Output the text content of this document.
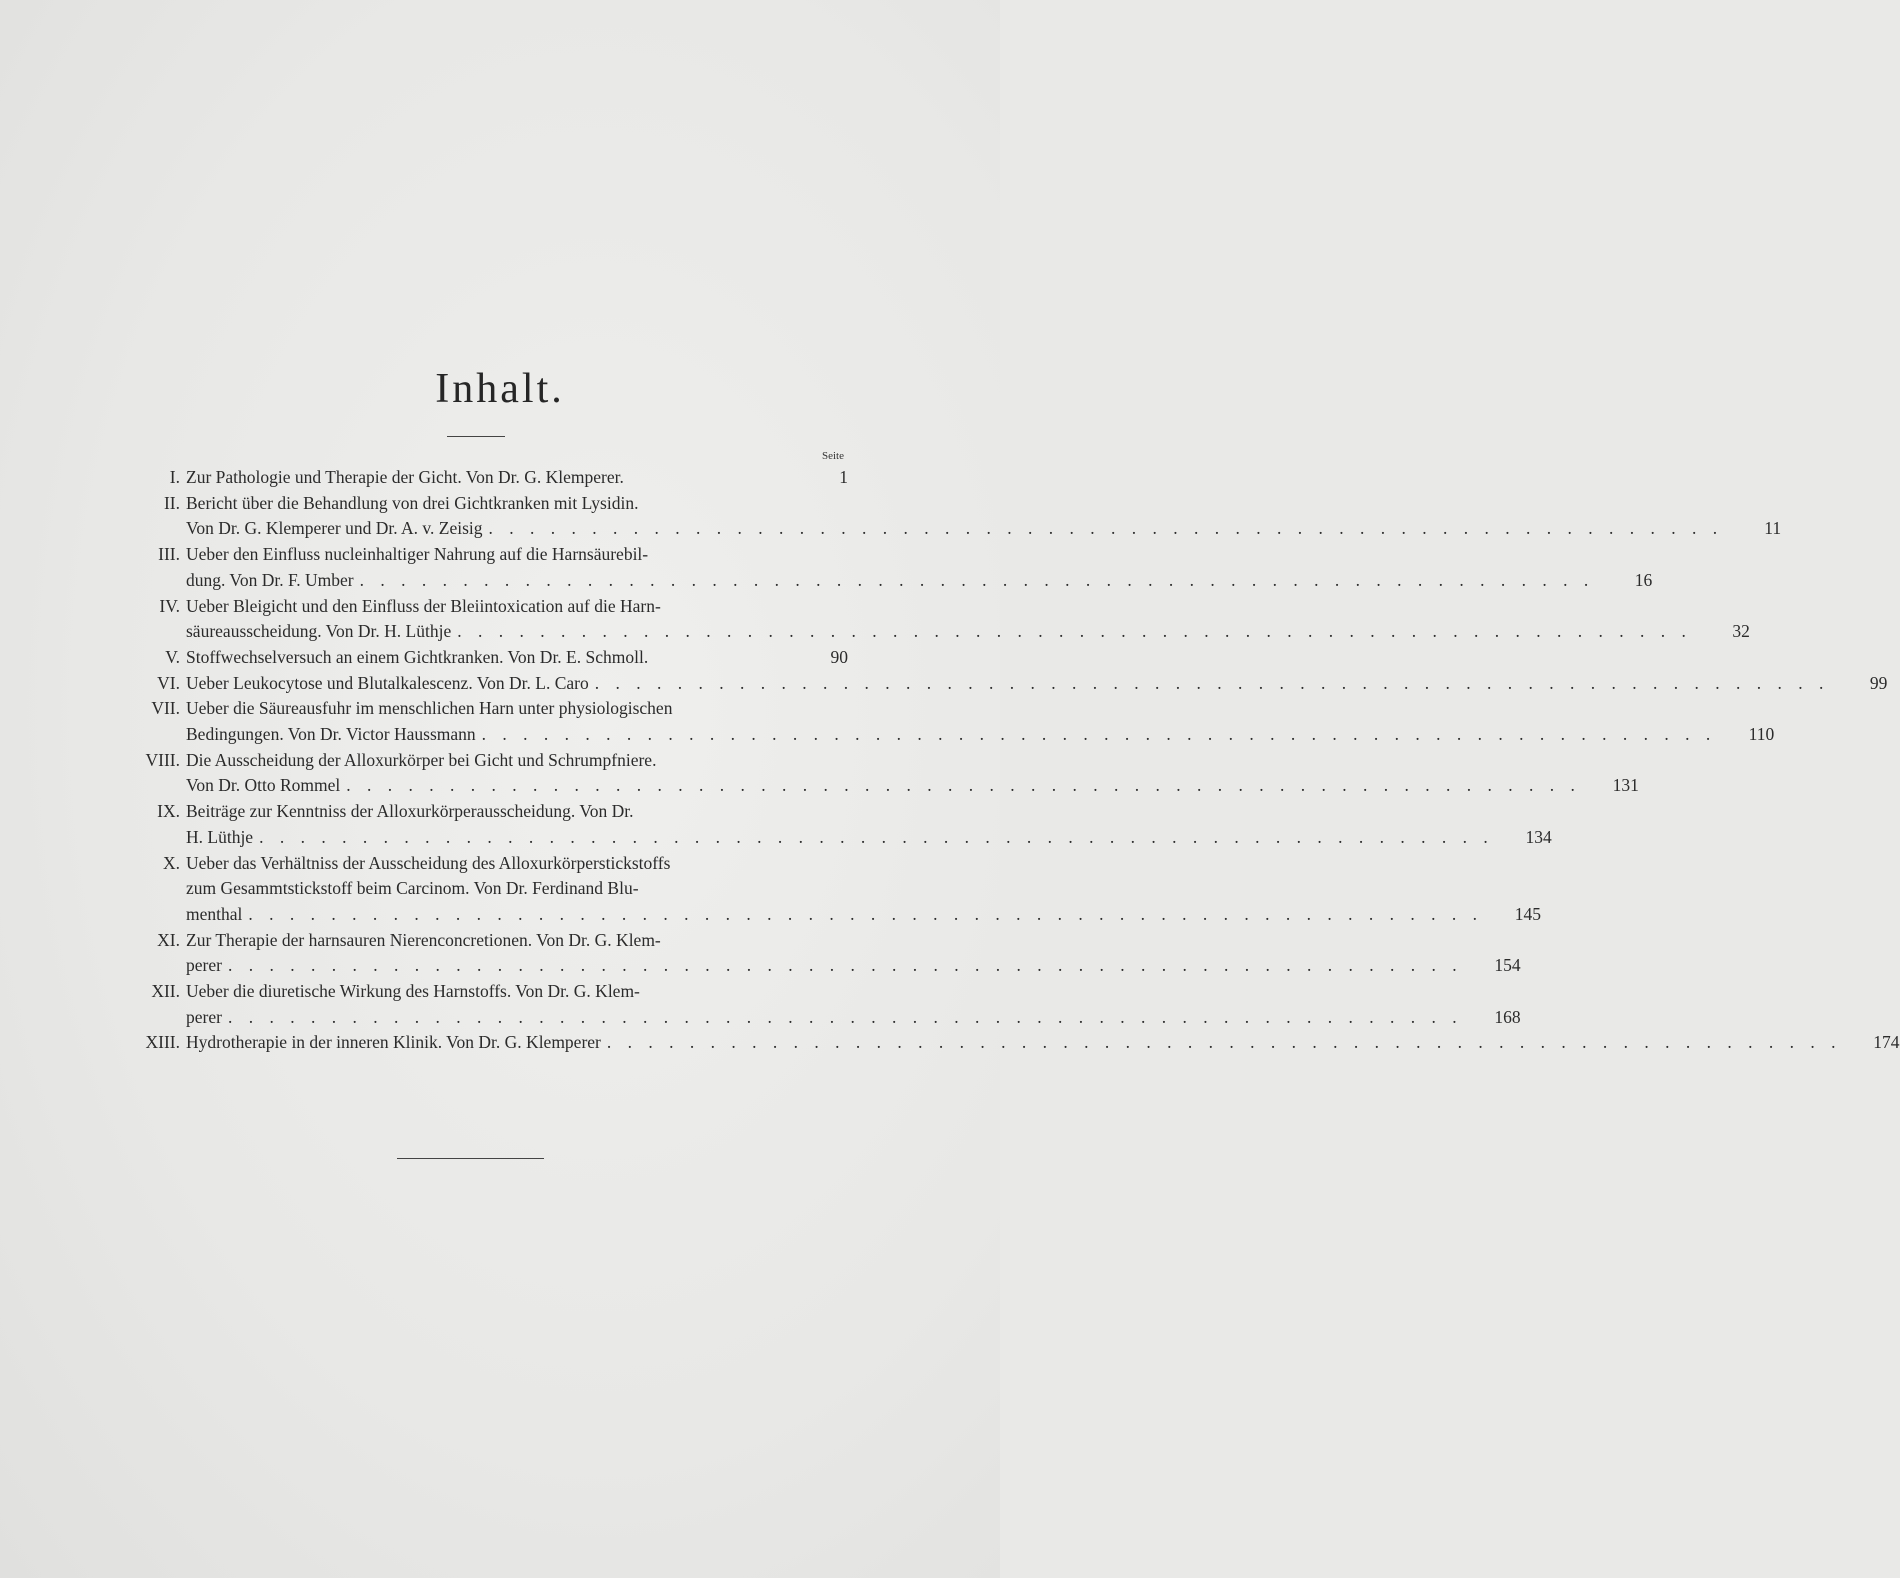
Inhalt.
Seite
I. Zur Pathologie und Therapie der Gicht. Von Dr. G. Klemperer.	1
II. Bericht über die Behandlung von drei Gichtkranken mit Lysidin.
Von Dr. G. Klemperer und Dr. A. v. Zeisig . . . . . . . . . . . . . . . . . . . . . . . . . . . . . . . . . . . . . . . . . . . . . . . . . . . . . . . . . . . .	11
III. Ueber den Einfluss nucleinhaltiger Nahrung auf die Harnsäurebil-
dung. Von Dr. F. Umber . . . . . . . . . . . . . . . . . . . . . . . . . . . . . . . . . . . . . . . . . . . . . . . . . . . . . . . . . . . .	16
IV. Ueber Bleigicht und den Einfluss der Bleiintoxication auf die Harn-
säureausscheidung. Von Dr. H. Lüthje . . . . . . . . . . . . . . . . . . . . . . . . . . . . . . . . . . . . . . . . . . . . . . . . . . . . . . . . . . . .	32
V. Stoffwechselversuch an einem Gichtkranken. Von Dr. E. Schmoll.	90
VI. Ueber Leukocytose und Blutalkalescenz. Von Dr. L. Caro . . . . . . . . . . . . . . . . . . . . . . . . . . . . . . . . . . . . . . . . . . . . . . . . . . . . . . . . . . . .	99
VII. Ueber die Säureausfuhr im menschlichen Harn unter physiologischen
Bedingungen. Von Dr. Victor Haussmann . . . . . . . . . . . . . . . . . . . . . . . . . . . . . . . . . . . . . . . . . . . . . . . . . . . . . . . . . . . .	110
VIII. Die Ausscheidung der Alloxurkörper bei Gicht und Schrumpfniere.
Von Dr. Otto Rommel . . . . . . . . . . . . . . . . . . . . . . . . . . . . . . . . . . . . . . . . . . . . . . . . . . . . . . . . . . . .	131
IX. Beiträge zur Kenntniss der Alloxurkörperausscheidung. Von Dr.
H. Lüthje . . . . . . . . . . . . . . . . . . . . . . . . . . . . . . . . . . . . . . . . . . . . . . . . . . . . . . . . . . . .	134
X. Ueber das Verhältniss der Ausscheidung des Alloxurkörperstickstoffs
zum Gesammtstickstoff beim Carcinom. Von Dr. Ferdinand Blu-
menthal . . . . . . . . . . . . . . . . . . . . . . . . . . . . . . . . . . . . . . . . . . . . . . . . . . . . . . . . . . . .	145
XI. Zur Therapie der harnsauren Nierenconcretionen. Von Dr. G. Klem-
perer . . . . . . . . . . . . . . . . . . . . . . . . . . . . . . . . . . . . . . . . . . . . . . . . . . . . . . . . . . . .	154
XII. Ueber die diuretische Wirkung des Harnstoffs. Von Dr. G. Klem-
perer . . . . . . . . . . . . . . . . . . . . . . . . . . . . . . . . . . . . . . . . . . . . . . . . . . . . . . . . . . . .	168
XIII. Hydrotherapie in der inneren Klinik. Von Dr. G. Klemperer . . . . . . . . . . . . . . . . . . . . . . . . . . . . . . . . . . . . . . . . . . . . . . . . . . . . . . . . . . . .	174
